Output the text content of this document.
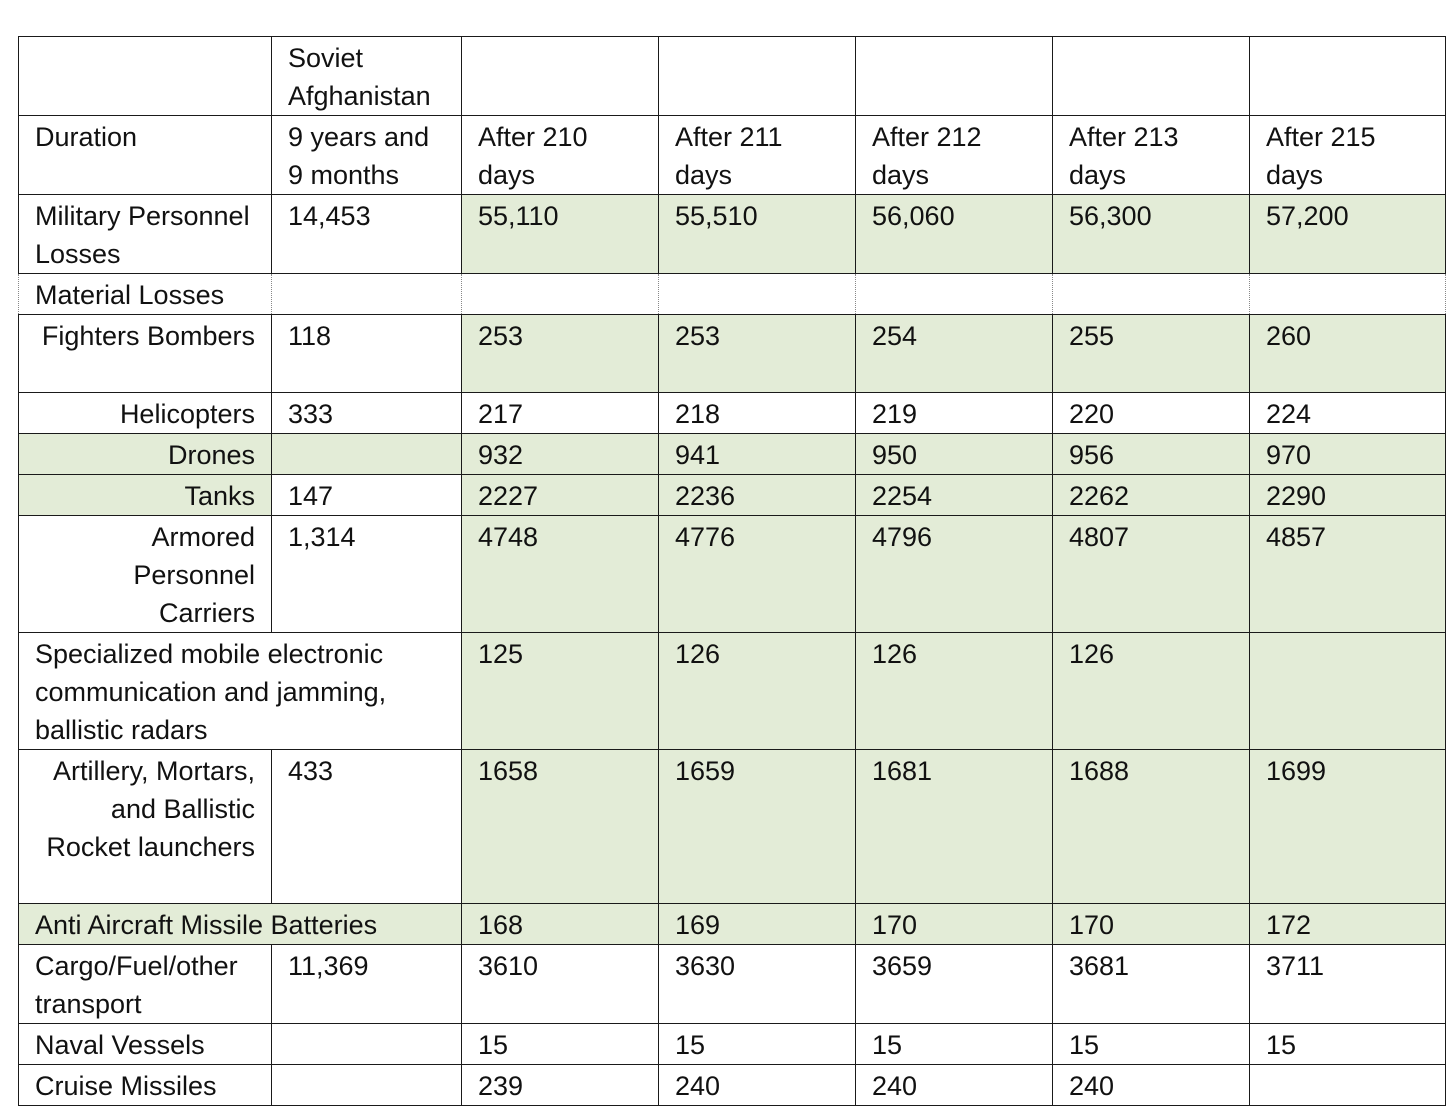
	Soviet Afghanistan					
Duration	9 years and 9 months	After 210 days	After 211 days	After 212 days	After 213 days	After 215 days
Military Personnel Losses	14,453	55,110	55,510	56,060	56,300	57,200
Material Losses						
Fighters Bombers	118	253	253	254	255	260
Helicopters	333	217	218	219	220	224
Drones		932	941	950	956	970
Tanks	147	2227	2236	2254	2262	2290
Armored Personnel Carriers	1,314	4748	4776	4796	4807	4857
Specialized mobile electronic communication and jamming, ballistic radars		125	126	126	126	
Artillery, Mortars, and Ballistic Rocket launchers	433	1658	1659	1681	1688	1699
Anti Aircraft Missile Batteries		168	169	170	170	172
Cargo/Fuel/other transport	11,369	3610	3630	3659	3681	3711
Naval Vessels		15	15	15	15	15
Cruise Missiles		239	240	240	240	
